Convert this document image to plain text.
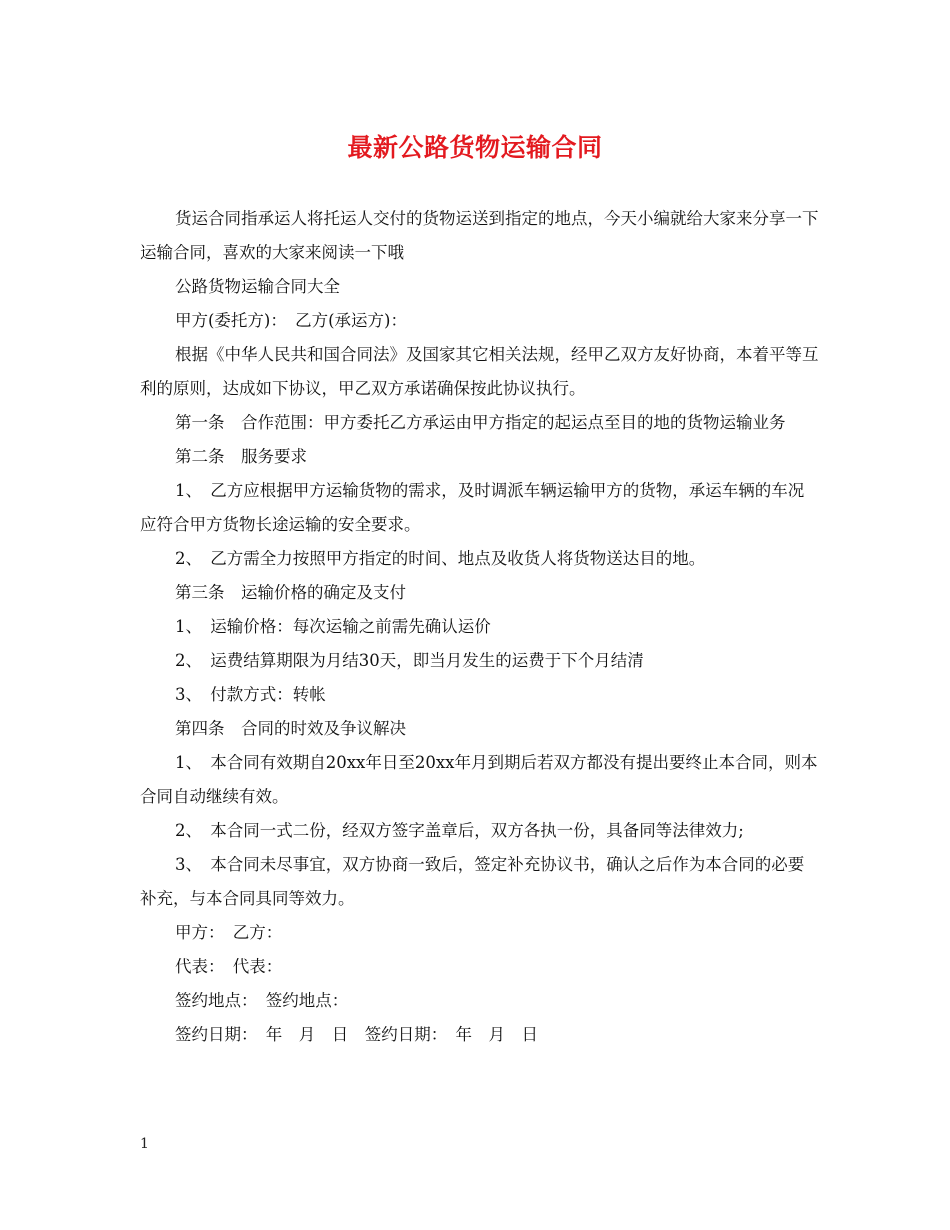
最新公路货物运输合同

货运合同指承运人将托运人交付的货物运送到指定的地点，今天小编就给大家来分享一下运输合同，喜欢的大家来阅读一下哦

公路货物运输合同大全

甲方(委托方)：　乙方(承运方)：

根据《中华人民共和国合同法》及国家其它相关法规，经甲乙双方友好协商，本着平等互利的原则，达成如下协议，甲乙双方承诺确保按此协议执行。

第一条　合作范围：甲方委托乙方承运由甲方指定的起运点至目的地的货物运输业务

第二条　服务要求

1、　乙方应根据甲方运输货物的需求，及时调派车辆运输甲方的货物，承运车辆的车况应符合甲方货物长途运输的安全要求。

2、　乙方需全力按照甲方指定的时间、地点及收货人将货物送达目的地。

第三条　运输价格的确定及支付

1、　运输价格：每次运输之前需先确认运价

2、　运费结算期限为月结30天，即当月发生的运费于下个月结清

3、　付款方式：转帐

第四条　合同的时效及争议解决

1、　本合同有效期自20xx年日至20xx年月到期后若双方都没有提出要终止本合同，则本合同自动继续有效。

2、　本合同一式二份，经双方签字盖章后，双方各执一份，具备同等法律效力;

3、　本合同未尽事宜，双方协商一致后，签定补充协议书，确认之后作为本合同的必要补充，与本合同具同等效力。

甲方：　乙方：

代表：　代表：

签约地点：　签约地点：

签约日期：　年　月　日　签约日期：　年　月　日

1
